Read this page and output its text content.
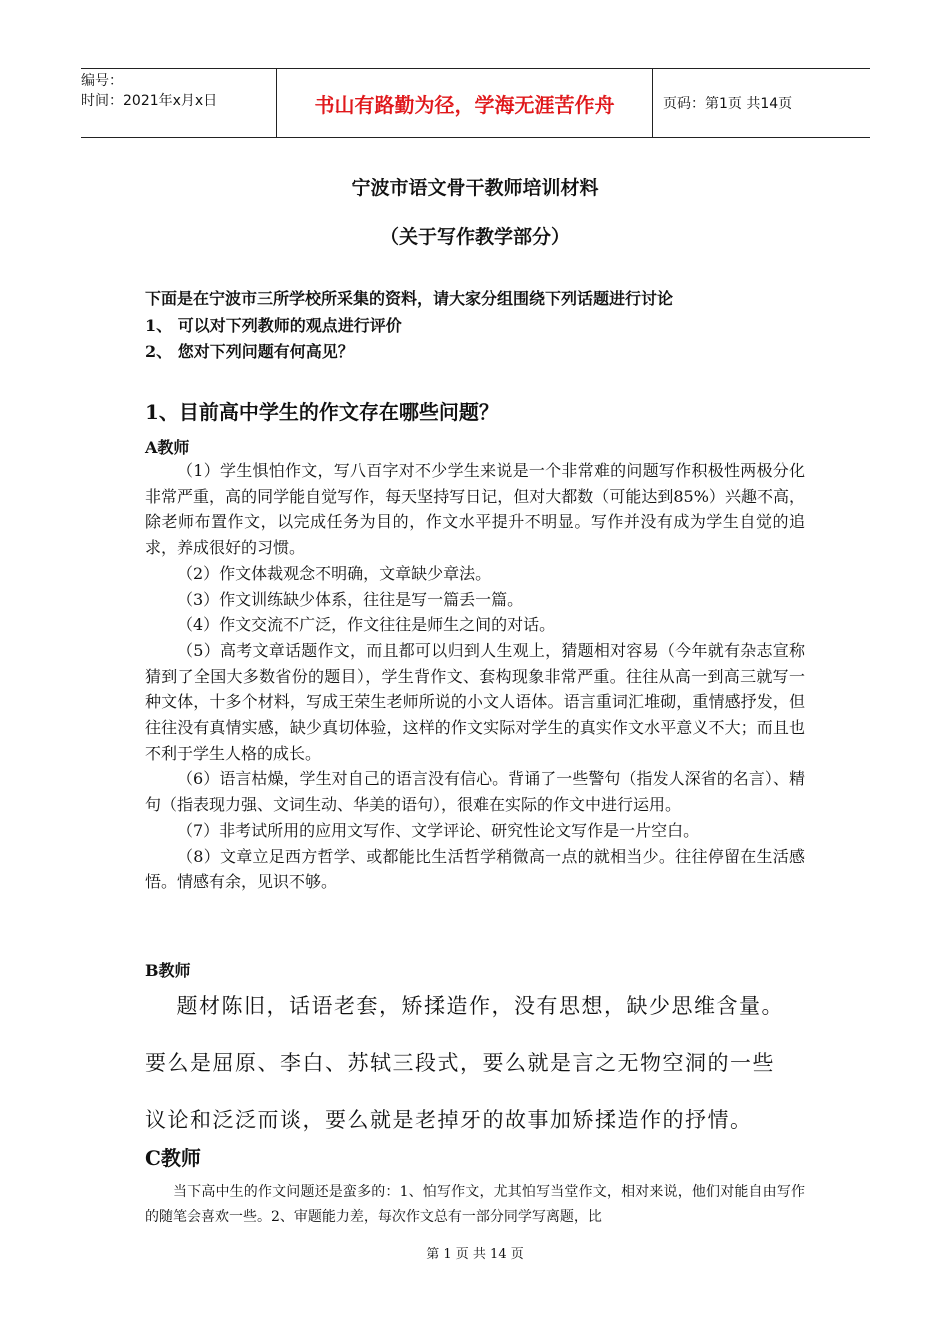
编号：
时间：2021年x月x日	书山有路勤为径，学海无涯苦作舟	页码：第1页 共14页
宁波市语文骨干教师培训材料
（关于写作教学部分）
下面是在宁波市三所学校所采集的资料，请大家分组围绕下列话题进行讨论
1、 可以对下列教师的观点进行评价
2、 您对下列问题有何高见？
1、目前高中学生的作文存在哪些问题？
A教师

（1）学生惧怕作文，写八百字对不少学生来说是一个非常难的问题写作积极性两极分化非常严重，高的同学能自觉写作，每天坚持写日记，但对大都数（可能达到85%）兴趣不高，除老师布置作文，以完成任务为目的，作文水平提升不明显。写作并没有成为学生自觉的追求，养成很好的习惯。

（2）作文体裁观念不明确，文章缺少章法。

（3）作文训练缺少体系，往往是写一篇丢一篇。

（4）作文交流不广泛，作文往往是师生之间的对话。

（5）高考文章话题作文，而且都可以归到人生观上，猜题相对容易（今年就有杂志宣称猜到了全国大多数省份的题目），学生背作文、套构现象非常严重。往往从高一到高三就写一种文体，十多个材料，写成王荣生老师所说的小文人语体。语言重词汇堆砌，重情感抒发，但往往没有真情实感，缺少真切体验，这样的作文实际对学生的真实作文水平意义不大；而且也不利于学生人格的成长。

（6）语言枯燥，学生对自己的语言没有信心。背诵了一些警句（指发人深省的名言）、精句（指表现力强、文词生动、华美的语句），很难在实际的作文中进行运用。

（7）非考试所用的应用文写作、文学评论、研究性论文写作是一片空白。

（8）文章立足西方哲学、或都能比生活哲学稍微高一点的就相当少。往往停留在生活感悟。情感有余，见识不够。

B教师

题材陈旧，话语老套，矫揉造作，没有思想，缺少思维含量。

要么是屈原、李白、苏轼三段式，要么就是言之无物空洞的一些

议论和泛泛而谈，要么就是老掉牙的故事加矫揉造作的抒情。

C教师

当下高中生的作文问题还是蛮多的：1、怕写作文，尤其怕写当堂作文，相对来说，他们对能自由写作的随笔会喜欢一些。2、审题能力差，每次作文总有一部分同学写离题，比

第 1 页 共 14 页
